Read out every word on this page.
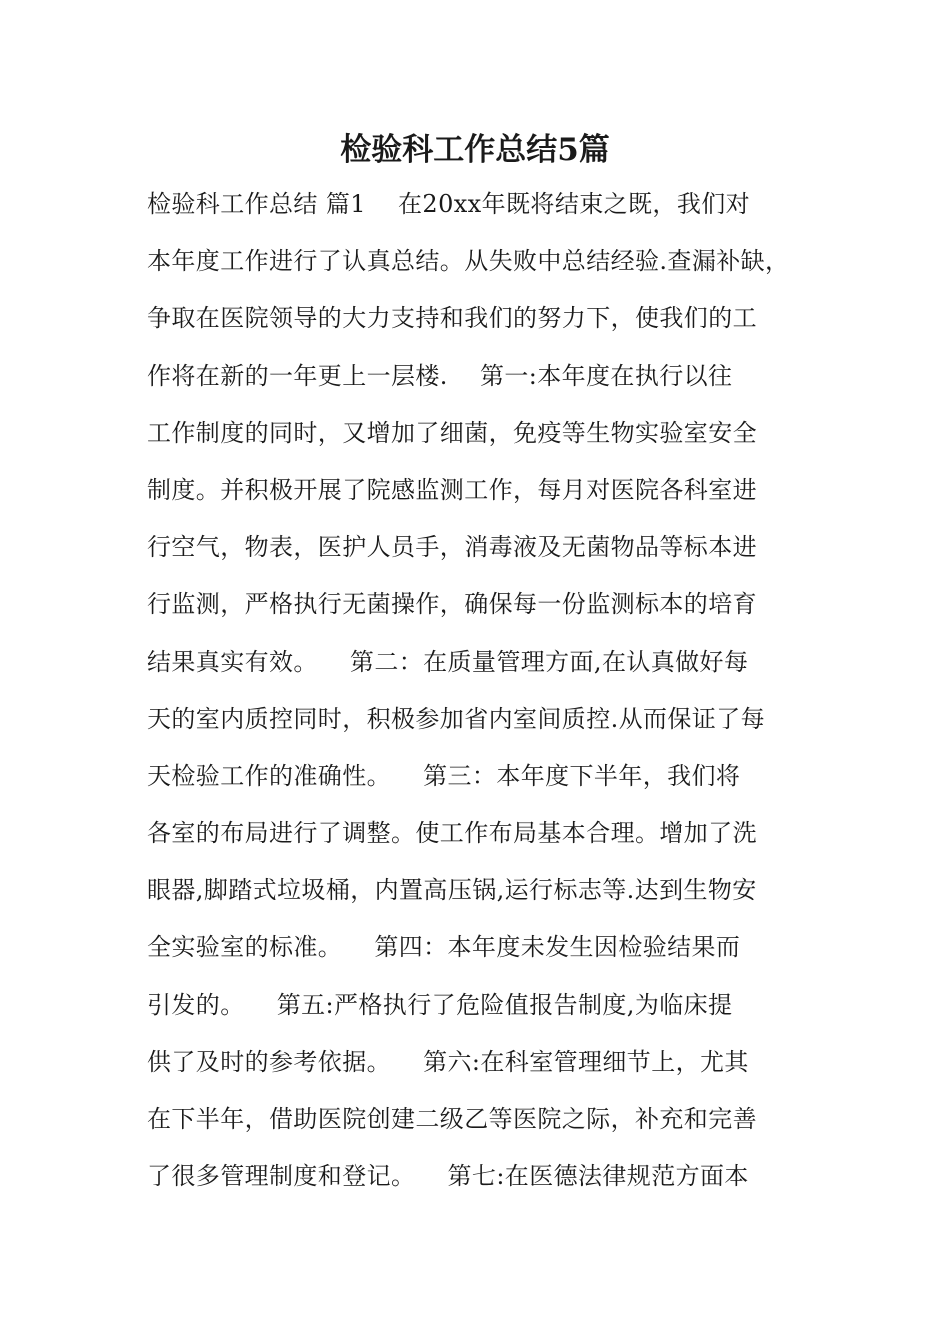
检验科工作总结5篇
检验科工作总结 篇1    在20xx年既将结束之既，我们对
本年度工作进行了认真总结。从失败中总结经验.查漏补缺，
争取在医院领导的大力支持和我们的努力下，使我们的工
作将在新的一年更上一层楼.    第一:本年度在执行以往
工作制度的同时，又增加了细菌，免疫等生物实验室安全
制度。并积极开展了院感监测工作，每月对医院各科室进
行空气，物表，医护人员手，消毒液及无菌物品等标本进
行监测，严格执行无菌操作，确保每一份监测标本的培育
结果真实有效。    第二：在质量管理方面,在认真做好每
天的室内质控同时，积极参加省内室间质控.从而保证了每
天检验工作的准确性。    第三：本年度下半年，我们将
各室的布局进行了调整。使工作布局基本合理。增加了洗
眼器,脚踏式垃圾桶，内置高压锅,运行标志等.达到生物安
全实验室的标准。    第四：本年度未发生因检验结果而
引发的。    第五:严格执行了危险值报告制度,为临床提
供了及时的参考依据。    第六:在科室管理细节上，尤其
在下半年，借助医院创建二级乙等医院之际，补充和完善
了很多管理制度和登记。    第七:在医德法律规范方面本
